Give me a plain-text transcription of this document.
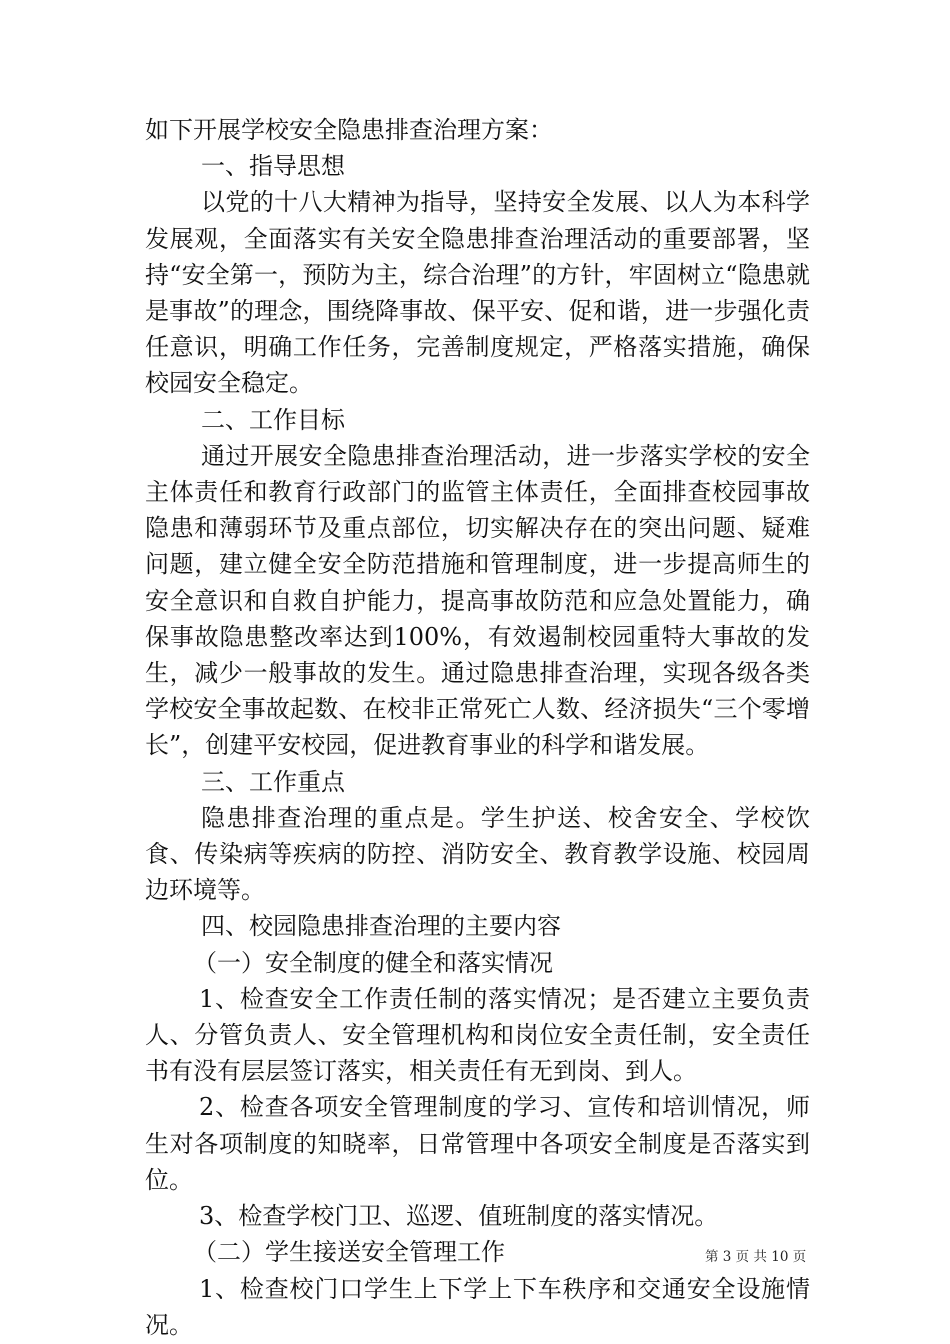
如下开展学校安全隐患排查治理方案：

一、指导思想

以党的十八大精神为指导，坚持安全发展、以人为本科学发展观，全面落实有关安全隐患排查治理活动的重要部署，坚持“安全第一，预防为主，综合治理”的方针，牢固树立“隐患就是事故”的理念，围绕降事故、保平安、促和谐，进一步强化责任意识，明确工作任务，完善制度规定，严格落实措施，确保校园安全稳定。

二、工作目标

通过开展安全隐患排查治理活动，进一步落实学校的安全主体责任和教育行政部门的监管主体责任，全面排查校园事故隐患和薄弱环节及重点部位，切实解决存在的突出问题、疑难问题，建立健全安全防范措施和管理制度，进一步提高师生的安全意识和自救自护能力，提高事故防范和应急处置能力，确保事故隐患整改率达到100%，有效遏制校园重特大事故的发生，减少一般事故的发生。通过隐患排查治理，实现各级各类学校安全事故起数、在校非正常死亡人数、经济损失“三个零增长”，创建平安校园，促进教育事业的科学和谐发展。

三、工作重点

隐患排查治理的重点是。学生护送、校舍安全、学校饮食、传染病等疾病的防控、消防安全、教育教学设施、校园周边环境等。

四、校园隐患排查治理的主要内容

（一）安全制度的健全和落实情况

1、检查安全工作责任制的落实情况；是否建立主要负责人、分管负责人、安全管理机构和岗位安全责任制，安全责任书有没有层层签订落实，相关责任有无到岗、到人。

2、检查各项安全管理制度的学习、宣传和培训情况，师生对各项制度的知晓率，日常管理中各项安全制度是否落实到位。

3、检查学校门卫、巡逻、值班制度的落实情况。

（二）学生接送安全管理工作

1、检查校门口学生上下学上下车秩序和交通安全设施情况。

第 3 页 共 10 页
